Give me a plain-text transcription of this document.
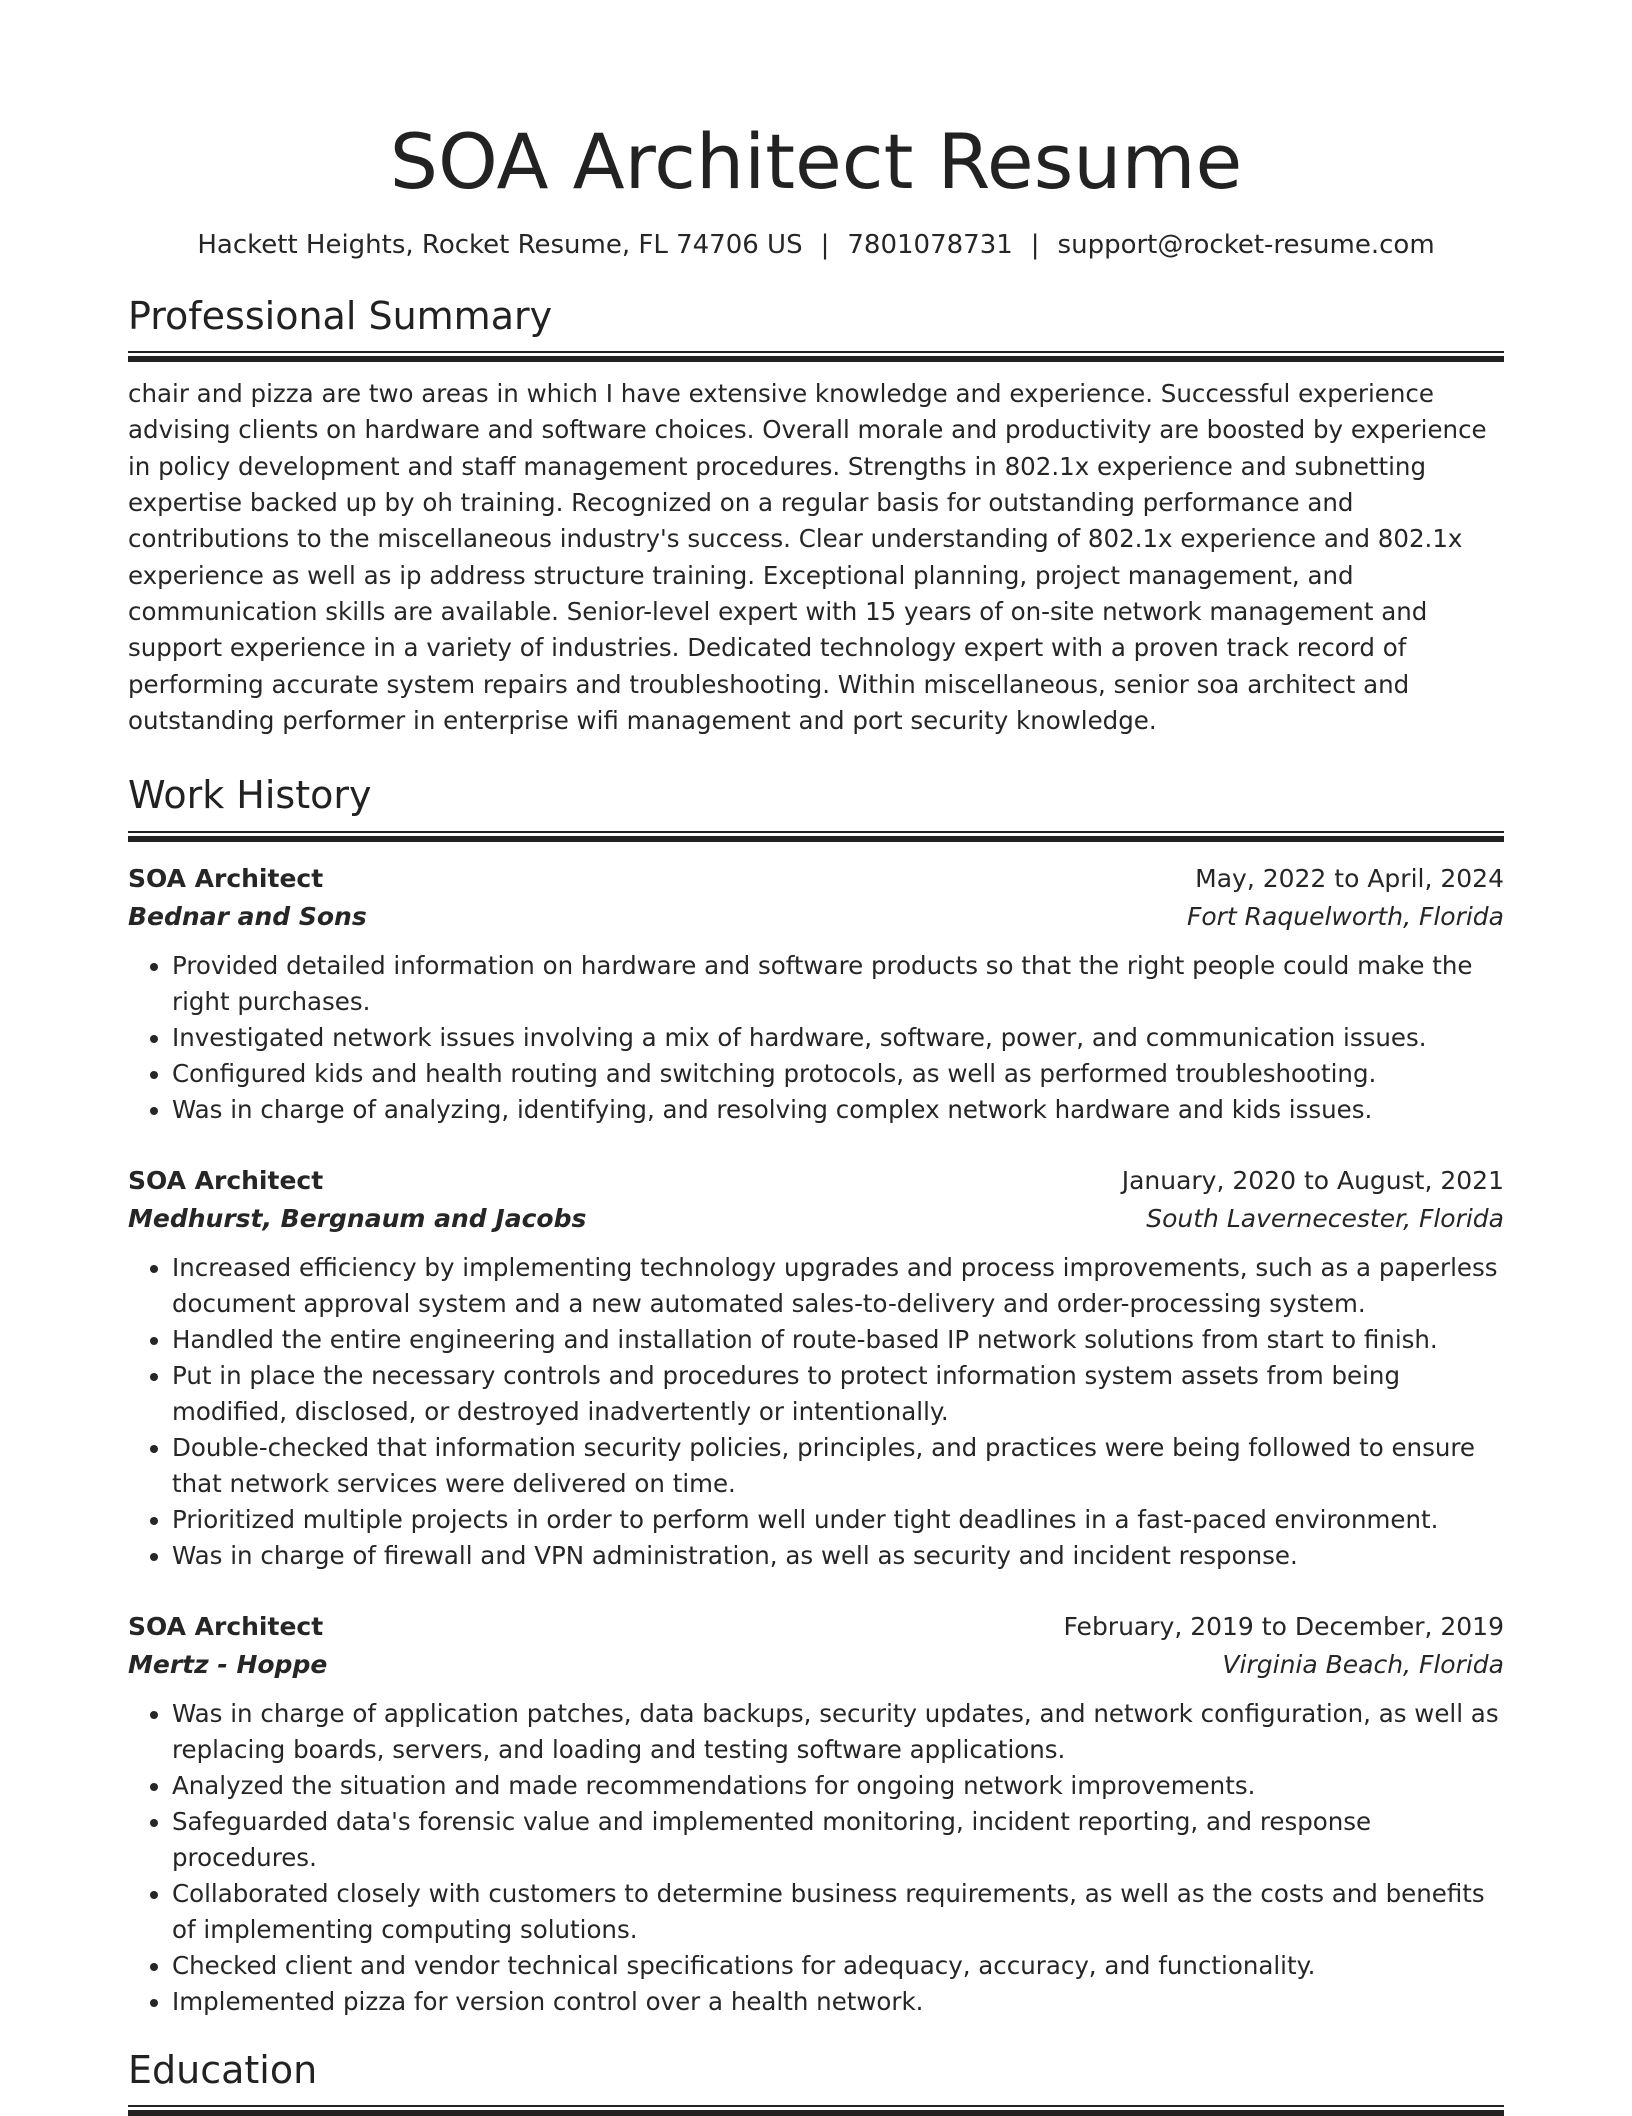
SOA Architect Resume
Hackett Heights, Rocket Resume, FL 74706 US | 7801078731 | support@rocket-resume.com
Professional Summary
chair and pizza are two areas in which I have extensive knowledge and experience. Successful experience advising clients on hardware and software choices. Overall morale and productivity are boosted by experience in policy development and staff management procedures. Strengths in 802.1x experience and subnetting expertise backed up by oh training. Recognized on a regular basis for outstanding performance and contributions to the miscellaneous industry's success. Clear understanding of 802.1x experience and 802.1x experience as well as ip address structure training. Exceptional planning, project management, and communication skills are available. Senior-level expert with 15 years of on-site network management and support experience in a variety of industries. Dedicated technology expert with a proven track record of performing accurate system repairs and troubleshooting. Within miscellaneous, senior soa architect and outstanding performer in enterprise wifi management and port security knowledge.
Work History
SOA Architect	May, 2022 to April, 2024
Bednar and Sons	Fort Raquelworth, Florida
• Provided detailed information on hardware and software products so that the right people could make the right purchases.
• Investigated network issues involving a mix of hardware, software, power, and communication issues.
• Configured kids and health routing and switching protocols, as well as performed troubleshooting.
• Was in charge of analyzing, identifying, and resolving complex network hardware and kids issues.
SOA Architect	January, 2020 to August, 2021
Medhurst, Bergnaum and Jacobs	South Lavernecester, Florida
• Increased efficiency by implementing technology upgrades and process improvements, such as a paperless document approval system and a new automated sales-to-delivery and order-processing system.
• Handled the entire engineering and installation of route-based IP network solutions from start to finish.
• Put in place the necessary controls and procedures to protect information system assets from being modified, disclosed, or destroyed inadvertently or intentionally.
• Double-checked that information security policies, principles, and practices were being followed to ensure that network services were delivered on time.
• Prioritized multiple projects in order to perform well under tight deadlines in a fast-paced environment.
• Was in charge of firewall and VPN administration, as well as security and incident response.
SOA Architect	February, 2019 to December, 2019
Mertz - Hoppe	Virginia Beach, Florida
• Was in charge of application patches, data backups, security updates, and network configuration, as well as replacing boards, servers, and loading and testing software applications.
• Analyzed the situation and made recommendations for ongoing network improvements.
• Safeguarded data's forensic value and implemented monitoring, incident reporting, and response procedures.
• Collaborated closely with customers to determine business requirements, as well as the costs and benefits of implementing computing solutions.
• Checked client and vendor technical specifications for adequacy, accuracy, and functionality.
• Implemented pizza for version control over a health network.
Education
